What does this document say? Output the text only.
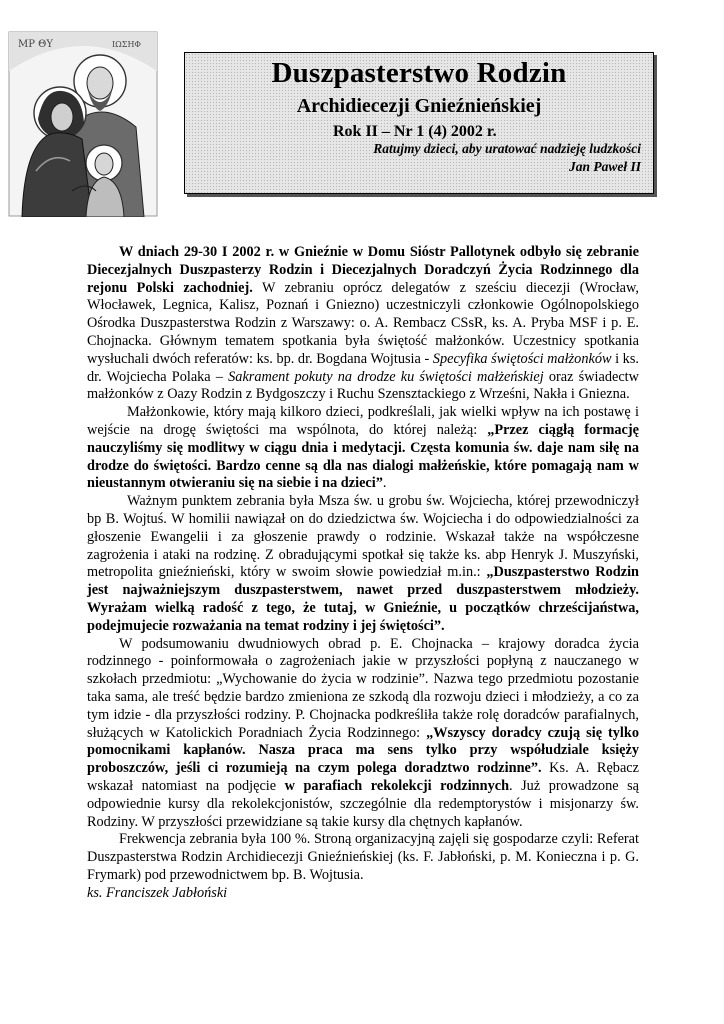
ΜΡ ΘΥ	ΙΩΣΗΦ
Duszpasterstwo Rodzin
Archidiecezji Gnieźnieńskiej
Rok II – Nr 1 (4) 2002 r.
Ratujmy dzieci, aby uratować nadzieję ludzkości
Jan Paweł II

W dniach 29-30 I 2002 r. w Gnieźnie w Domu Sióstr Pallotynek odbyło się zebranie Diecezjalnych Duszpasterzy Rodzin i Diecezjalnych Doradczyń Życia Rodzinnego dla rejonu Polski zachodniej. W zebraniu oprócz delegatów z sześciu diecezji (Wrocław, Włocławek, Legnica, Kalisz, Poznań i Gniezno) uczestniczyli członkowie Ogólnopolskiego Ośrodka Duszpasterstwa Rodzin z Warszawy: o. A. Rembacz CSsR, ks. A. Pryba MSF i p. E. Chojnacka. Głównym tematem spotkania była świętość małżonków. Uczestnicy spotkania wysłuchali dwóch referatów: ks. bp. dr. Bogdana Wojtusia - Specyfika świętości małżonków i ks. dr. Wojciecha Polaka – Sakrament pokuty na drodze ku świętości małżeńskiej oraz świadectw małżonków z Oazy Rodzin z Bydgoszczy i Ruchu Szensztackiego z Wrześni, Nakła i Gniezna.

Małżonkowie, który mają kilkoro dzieci, podkreślali, jak wielki wpływ na ich postawę i wejście na drogę świętości ma wspólnota, do której należą: „Przez ciągłą formację nauczyliśmy się modlitwy w ciągu dnia i medytacji. Częsta komunia św. daje nam siłę na drodze do świętości. Bardzo cenne są dla nas dialogi małżeńskie, które pomagają nam w nieustannym otwieraniu się na siebie i na dzieci”.

Ważnym punktem zebrania była Msza św. u grobu św. Wojciecha, której przewodniczył bp B. Wojtuś. W homilii nawiązał on do dziedzictwa św. Wojciecha i do odpowiedzialności za głoszenie Ewangelii i za głoszenie prawdy o rodzinie. Wskazał także na współczesne zagrożenia i ataki na rodzinę. Z obradującymi spotkał się także ks. abp Henryk J. Muszyński, metropolita gnieźnieński, który w swoim słowie powiedział m.in.: „Duszpasterstwo Rodzin jest najważniejszym duszpasterstwem, nawet przed duszpasterstwem młodzieży. Wyrażam wielką radość z tego, że tutaj, w Gnieźnie, u początków chrześcijaństwa, podejmujecie rozważania na temat rodziny i jej świętości”.

W podsumowaniu dwudniowych obrad p. E. Chojnacka – krajowy doradca życia rodzinnego - poinformowała o zagrożeniach jakie w przyszłości popłyną z nauczanego w szkołach przedmiotu: „Wychowanie do życia w rodzinie”. Nazwa tego przedmiotu pozostanie taka sama, ale treść będzie bardzo zmieniona ze szkodą dla rozwoju dzieci i młodzieży, a co za tym idzie - dla przyszłości rodziny. P. Chojnacka podkreśliła także rolę doradców parafialnych, służących w Katolickich Poradniach Życia Rodzinnego: „Wszyscy doradcy czują się tylko pomocnikami kapłanów. Nasza praca ma sens tylko przy współudziale księży proboszczów, jeśli ci rozumieją na czym polega doradztwo rodzinne”. Ks. A. Rębacz wskazał natomiast na podjęcie w parafiach rekolekcji rodzinnych. Już prowadzone są odpowiednie kursy dla rekolekcjonistów, szczególnie dla redemptorystów i misjonarzy św. Rodziny. W przyszłości przewidziane są takie kursy dla chętnych kapłanów.

Frekwencja zebrania była 100 %. Stroną organizacyjną zajęli się gospodarze czyli: Referat Duszpasterstwa Rodzin Archidiecezji Gnieźnieńskiej (ks. F. Jabłoński, p. M. Konieczna i p. G. Frymark) pod przewodnictwem bp. B. Wojtusia.

ks. Franciszek Jabłoński
